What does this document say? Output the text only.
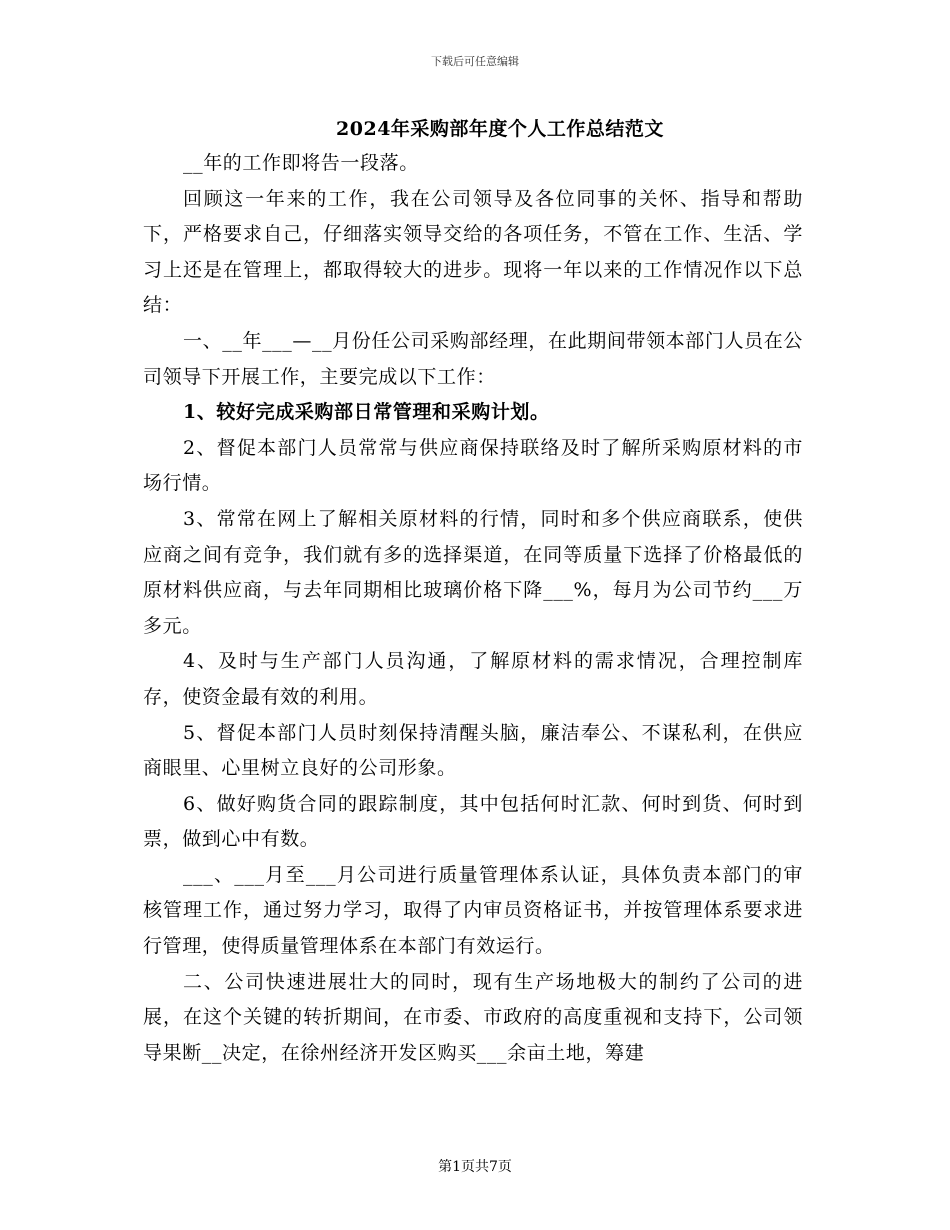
下载后可任意编辑
2024年采购部年度个人工作总结范文

__年的工作即将告一段落。

回顾这一年来的工作，我在公司领导及各位同事的关怀、指导和帮助下，严格要求自己，仔细落实领导交给的各项任务，不管在工作、生活、学习上还是在管理上，都取得较大的进步。现将一年以来的工作情况作以下总结：

一、__年___—__月份任公司采购部经理，在此期间带领本部门人员在公司领导下开展工作，主要完成以下工作：

1、较好完成采购部日常管理和采购计划。

2、督促本部门人员常常与供应商保持联络及时了解所采购原材料的市场行情。

3、常常在网上了解相关原材料的行情，同时和多个供应商联系，使供应商之间有竞争，我们就有多的选择渠道，在同等质量下选择了价格最低的原材料供应商，与去年同期相比玻璃价格下降___%，每月为公司节约___万多元。

4、及时与生产部门人员沟通，了解原材料的需求情况，合理控制库存，使资金最有效的利用。

5、督促本部门人员时刻保持清醒头脑，廉洁奉公、不谋私利，在供应商眼里、心里树立良好的公司形象。

6、做好购货合同的跟踪制度，其中包括何时汇款、何时到货、何时到票，做到心中有数。

___、___月至___月公司进行质量管理体系认证，具体负责本部门的审核管理工作，通过努力学习，取得了内审员资格证书，并按管理体系要求进行管理，使得质量管理体系在本部门有效运行。

二、公司快速进展壮大的同时，现有生产场地极大的制约了公司的进展，在这个关键的转折期间，在市委、市政府的高度重视和支持下，公司领导果断__决定，在徐州经济开发区购买___余亩土地，筹建

第1页共7页
